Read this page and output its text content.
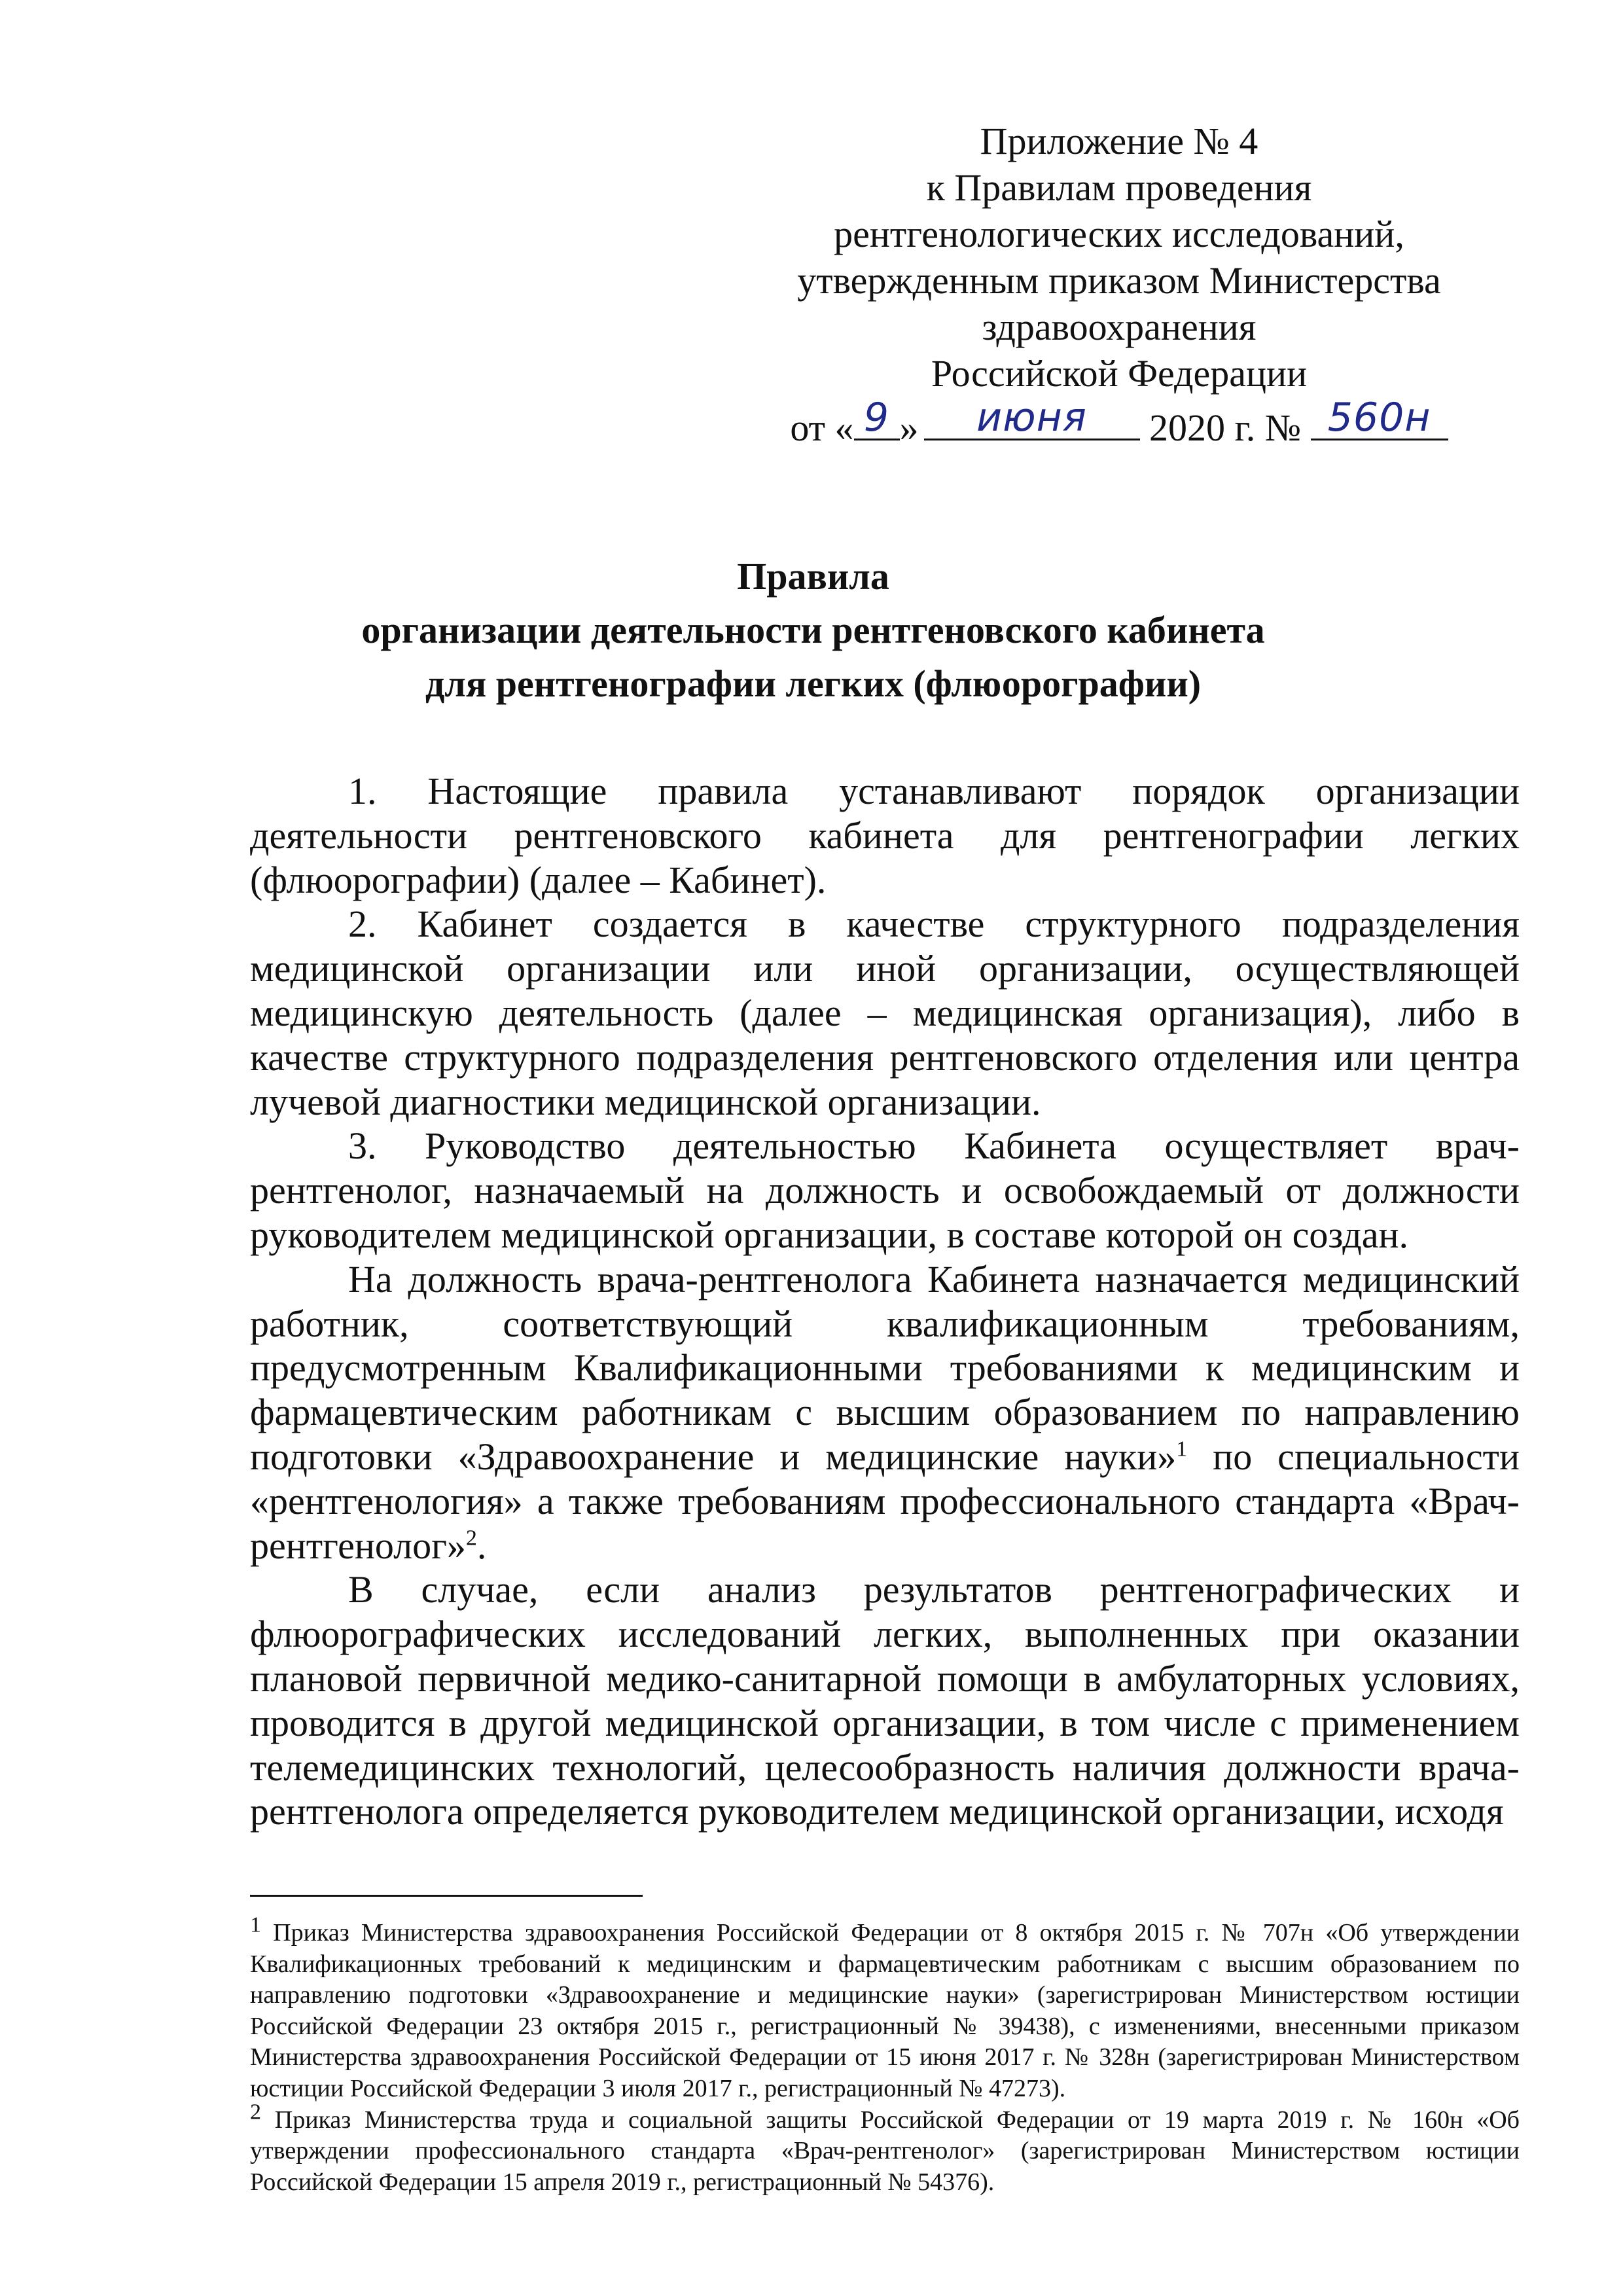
Приложение № 4
к Правилам проведения
рентгенологических исследований,
утвержденным приказом Министерства
здравоохранения
Российской Федерации
от « 9 »	июня	2020 г. № 560н
Правила
организации деятельности рентгеновского кабинета
для рентгенографии легких (флюорографии)

1. Настоящие правила устанавливают порядок организации деятельности рентгеновского кабинета для рентгенографии легких (флюорографии) (далее – Кабинет).

2. Кабинет создается в качестве структурного подразделения медицинской организации или иной организации, осуществляющей медицинскую деятельность (далее – медицинская организация), либо в качестве структурного подразделения рентгеновского отделения или центра лучевой диагностики медицинской организации.

3. Руководство деятельностью Кабинета осуществляет врач-рентгенолог, назначаемый на должность и освобождаемый от должности руководителем медицинской организации, в составе которой он создан.

На должность врача-рентгенолога Кабинета назначается медицинский работник, соответствующий квалификационным требованиям, предусмотренным Квалификационными требованиями к медицинским и фармацевтическим работникам с высшим образованием по направлению подготовки «Здравоохранение и медицинские науки»$^1$ по специальности «рентгенология» а также требованиям профессионального стандарта «Врач-рентгенолог»$^2$.

В случае, если анализ результатов рентгенографических и флюорографических исследований легких, выполненных при оказании плановой первичной медико-санитарной помощи в амбулаторных условиях, проводится в другой медицинской организации, в том числе с применением телемедицинских технологий, целесообразность наличия должности врача-рентгенолога определяется руководителем медицинской организации, исходя

$^1$ Приказ Министерства здравоохранения Российской Федерации от 8 октября 2015 г. № 707н «Об утверждении Квалификационных требований к медицинским и фармацевтическим работникам с высшим образованием по направлению подготовки «Здравоохранение и медицинские науки» (зарегистрирован Министерством юстиции Российской Федерации 23 октября 2015 г., регистрационный № 39438), с изменениями, внесенными приказом Министерства здравоохранения Российской Федерации от 15 июня 2017 г. № 328н (зарегистрирован Министерством юстиции Российской Федерации 3 июля 2017 г., регистрационный № 47273).

$^2$ Приказ Министерства труда и социальной защиты Российской Федерации от 19 марта 2019 г. № 160н «Об утверждении профессионального стандарта «Врач-рентгенолог» (зарегистрирован Министерством юстиции Российской Федерации 15 апреля 2019 г., регистрационный № 54376).
